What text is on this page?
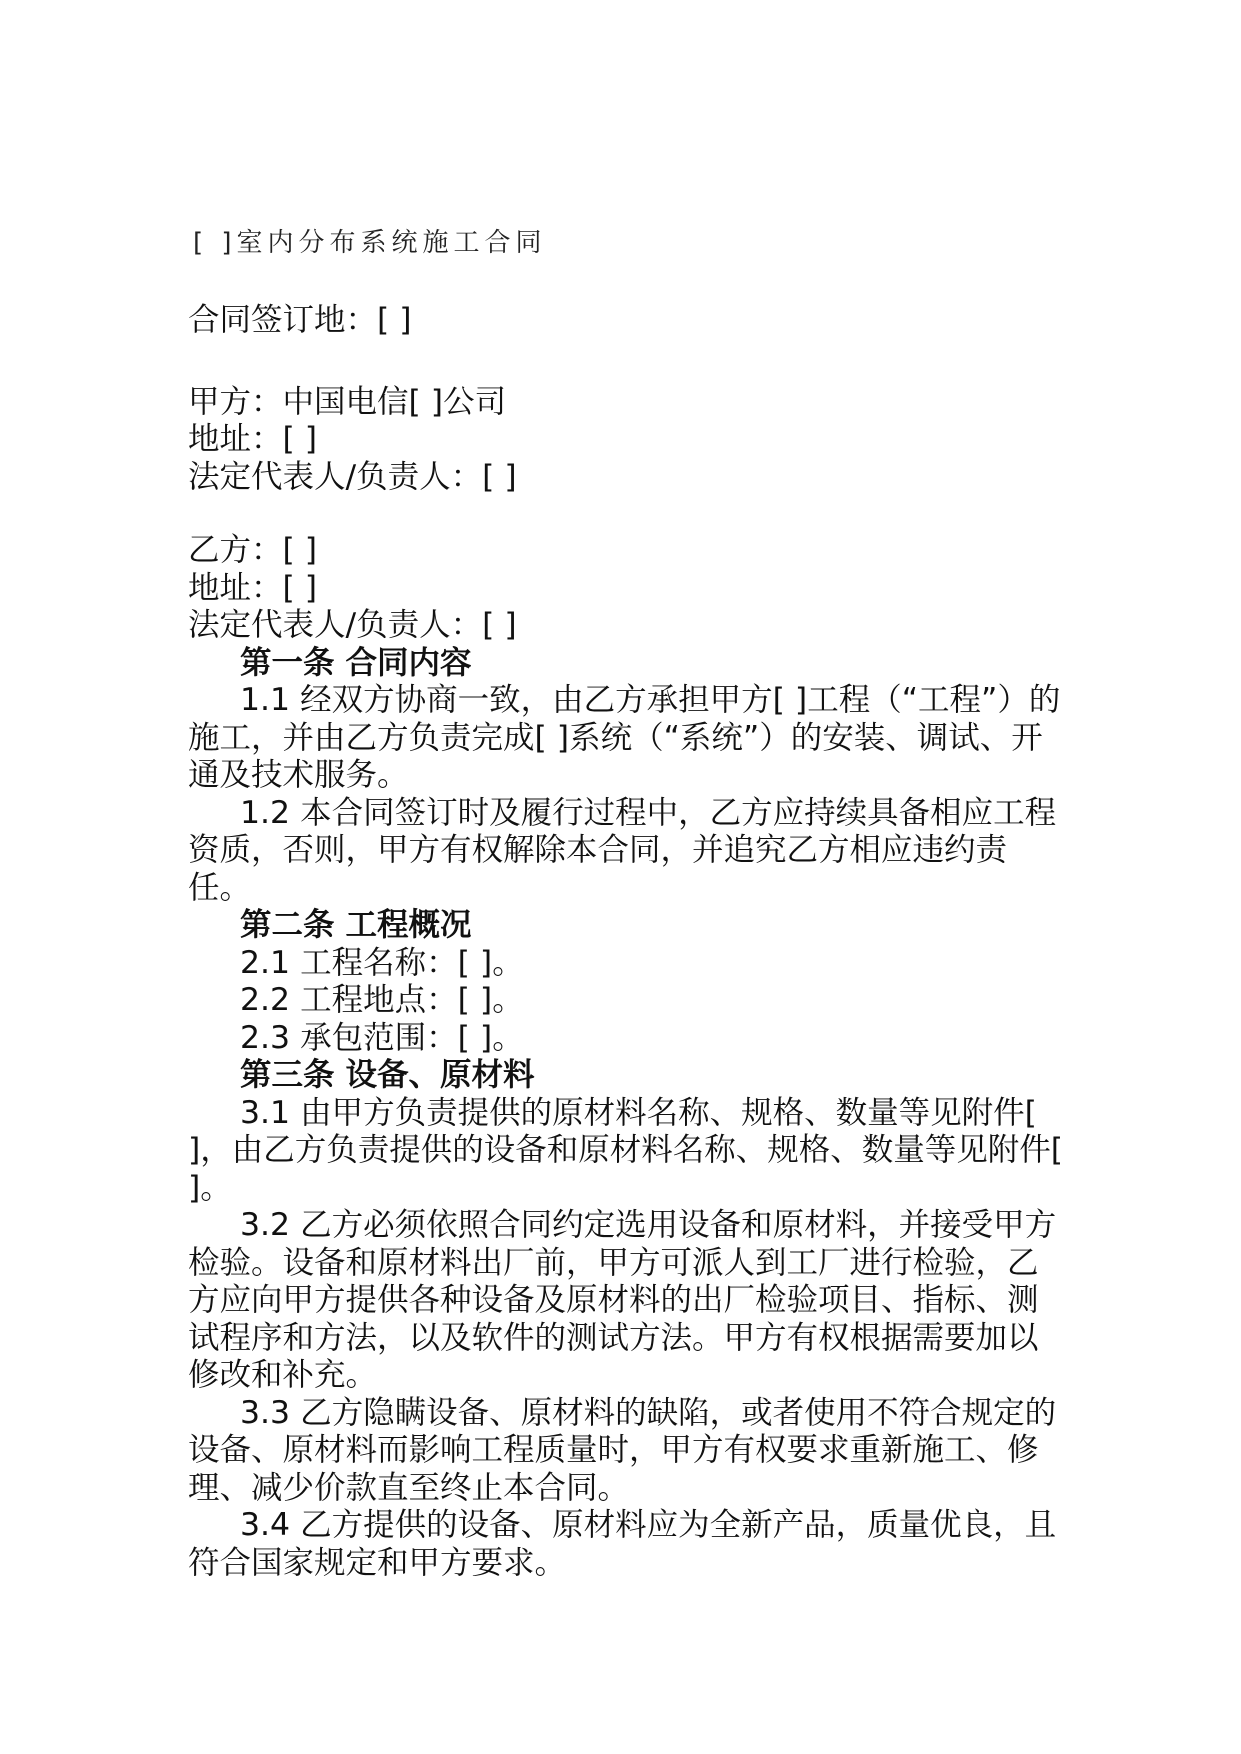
[ ]室内分布系统施工合同

合同签订地：[ ]

甲方：中国电信[ ]公司

地址：[ ]

法定代表人/负责人：[ ]

乙方：[ ]

地址：[ ]

法定代表人/负责人：[ ]

第一条 合同内容

1.1 经双方协商一致，由乙方承担甲方[ ]工程（“工程”）的施工，并由乙方负责完成[ ]系统（“系统”）的安装、调试、开通及技术服务。

1.2 本合同签订时及履行过程中，乙方应持续具备相应工程资质，否则，甲方有权解除本合同，并追究乙方相应违约责任。

第二条 工程概况

2.1 工程名称：[ ]。

2.2 工程地点：[ ]。

2.3 承包范围：[ ]。

第三条 设备、原材料

3.1 由甲方负责提供的原材料名称、规格、数量等见附件[ ]，由乙方负责提供的设备和原材料名称、规格、数量等见附件[ ]。

3.2 乙方必须依照合同约定选用设备和原材料，并接受甲方检验。设备和原材料出厂前，甲方可派人到工厂进行检验，乙方应向甲方提供各种设备及原材料的出厂检验项目、指标、测试程序和方法，以及软件的测试方法。甲方有权根据需要加以修改和补充。

3.3 乙方隐瞒设备、原材料的缺陷，或者使用不符合规定的设备、原材料而影响工程质量时，甲方有权要求重新施工、修理、减少价款直至终止本合同。

3.4 乙方提供的设备、原材料应为全新产品，质量优良，且符合国家规定和甲方要求。
